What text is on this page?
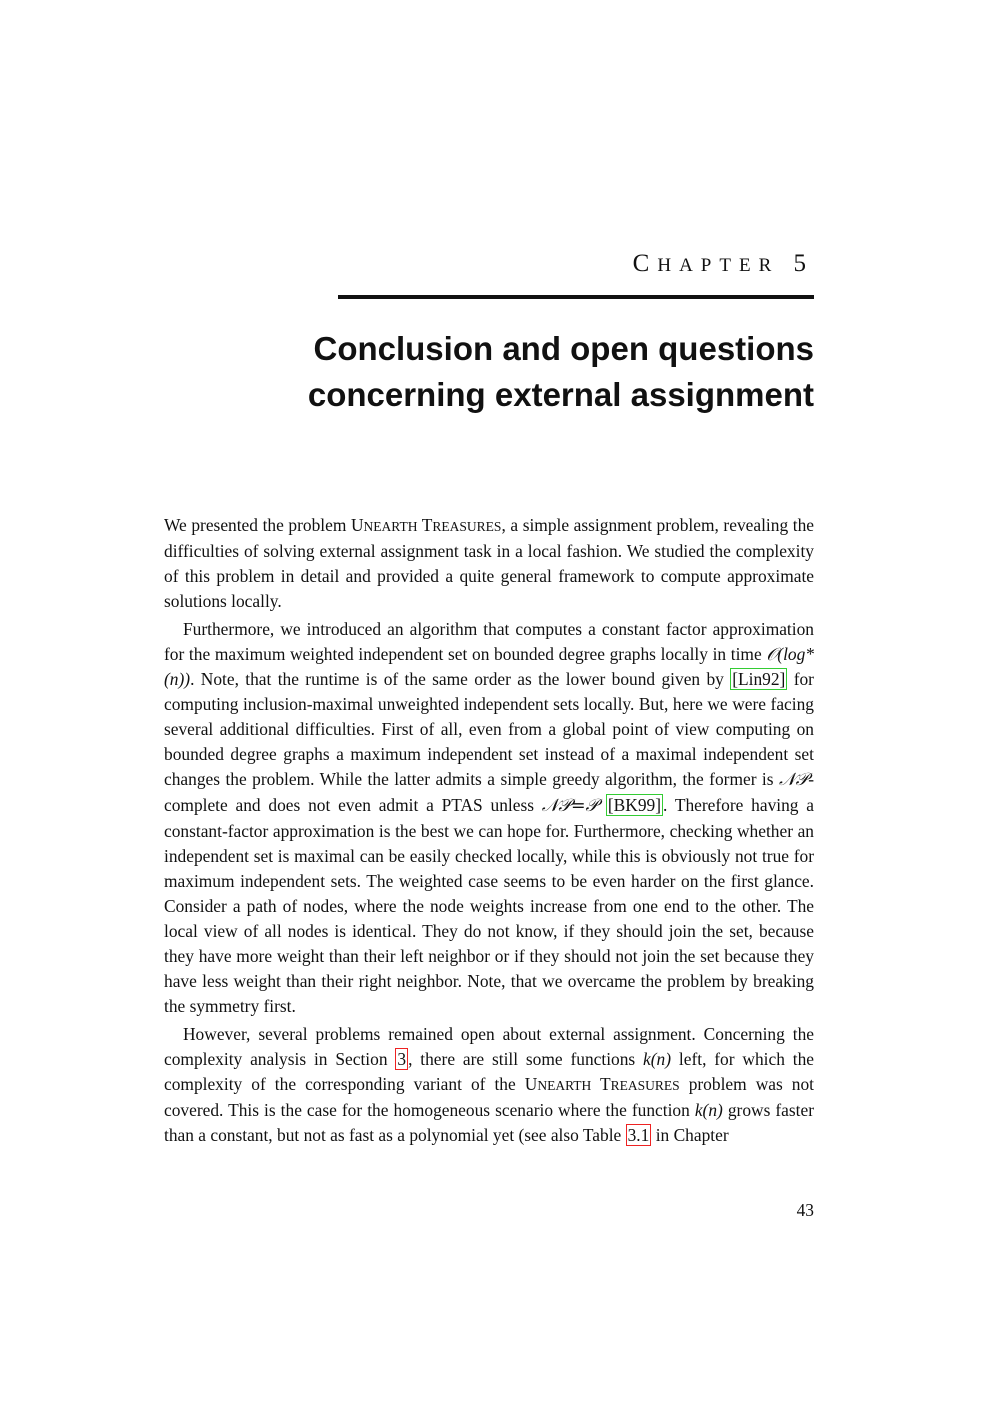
CHAPTER 5
Conclusion and open questions concerning external assignment

We presented the problem UNEARTH TREASURES, a simple assignment problem, revealing the difficulties of solving external assignment task in a local fashion. We studied the complexity of this problem in detail and provided a quite general framework to compute approximate solutions locally.

Furthermore, we introduced an algorithm that computes a constant factor approximation for the maximum weighted independent set on bounded degree graphs locally in time 𝒪(log*(n)). Note, that the runtime is of the same order as the lower bound given by [Lin92] for computing inclusion-maximal unweighted independent sets locally. But, here we were facing several additional difficulties. First of all, even from a global point of view computing on bounded degree graphs a maximum independent set instead of a maximal independent set changes the problem. While the latter admits a simple greedy algorithm, the former is 𝒩𝒫-complete and does not even admit a PTAS unless 𝒩𝒫=𝒫 [BK99] . Therefore having a constant-factor approximation is the best we can hope for. Furthermore, checking whether an independent set is maximal can be easily checked locally, while this is obviously not true for maximum independent sets. The weighted case seems to be even harder on the first glance. Consider a path of nodes, where the node weights increase from one end to the other. The local view of all nodes is identical. They do not know, if they should join the set, because they have more weight than their left neighbor or if they should not join the set because they have less weight than their right neighbor. Note, that we overcame the problem by breaking the symmetry first.

However, several problems remained open about external assignment. Concerning the complexity analysis in Section 3 , there are still some functions k(n) left, for which the complexity of the corresponding variant of the UNEARTH TREASURES problem was not covered. This is the case for the homogeneous scenario where the function k(n) grows faster than a constant, but not as fast as a polynomial yet (see also Table 3.1 in Chapter

43
